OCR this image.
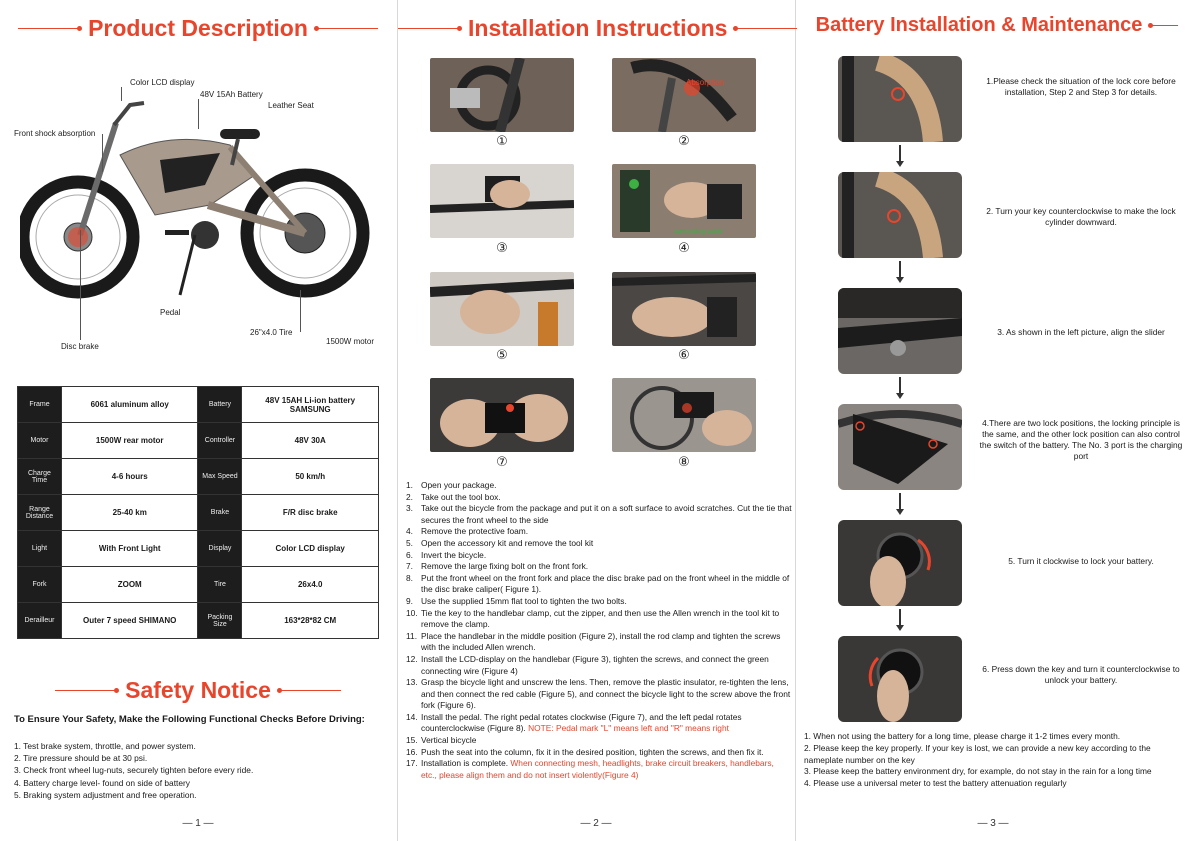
Product Description
Color LCD display
48V 15Ah Battery
Leather Seat
Front shock absorption
Pedal
26"x4.0 Tire
1500W motor
Disc brake
Frame	6061 aluminum alloy	Battery	48V 15AH Li-ion battery SAMSUNG
Motor	1500W rear motor	Controller	48V 30A
Charge Time	4-6 hours	Max Speed	50 km/h
Range Distance	25-40 km	Brake	F/R disc brake
Light	With Front Light	Display	Color LCD display
Fork	ZOOM	Tire	26x4.0
Derailleur	Outer 7 speed SHIMANO	Packing Size	163*28*82 CM
Safety Notice
To Ensure Your Safety, Make the Following Functional Checks Before Driving:
1. Test brake system, throttle, and power system.
2. Tire pressure should be at 30 psi.
3. Check front wheel lug-nuts, securely tighten before every ride.
4. Battery charge level- found on side of battery
5. Braking system adjustment and free operation.
— 1 —
Installation Instructions
Absorption
①	②
connecting cable
③	④
⑤	⑥
⑦	⑧
1. Open your package.
2. Take out the tool box.
3. Take out the bicycle from the package and put it on a soft surface to avoid scratches. Cut the tie that secures the front wheel to the side
4. Remove the protective foam.
5. Open the accessory kit and remove the tool kit
6. Invert the bicycle.
7. Remove the large fixing bolt on the front fork.
8. Put the front wheel on the front fork and place the disc brake pad on the front wheel in the middle of the disc brake caliper( Figure 1).
9. Use the supplied 15mm flat tool to tighten the two bolts.
10. Tie the key to the handlebar clamp, cut the zipper, and then use the Allen wrench in the tool kit to remove the clamp.
11. Place the handlebar in the middle position (Figure 2), install the rod clamp and tighten the screws with the included Allen wrench.
12. Install the LCD-display on the handlebar (Figure 3), tighten the screws, and connect the green connecting wire (Figure 4)
13. Grasp the bicycle light and unscrew the lens. Then, remove the plastic insulator, re-tighten the lens, and then connect the red cable (Figure 5), and connect the bicycle light to the screw above the front fork (Figure 6).
14. Install the pedal. The right pedal rotates clockwise (Figure 7), and the left pedal rotates counterclockwise (Figure 8). NOTE: Pedal mark "L" means left and "R" means right
15. Vertical bicycle
16. Push the seat into the column, fix it in the desired position, tighten the screws, and then fix it.
17. Installation is complete. When connecting mesh, headlights, brake circuit breakers, handlebars, etc., please align them and do not insert violently(Figure 4)
— 2 —
Battery Installation & Maintenance
1.Please check the situation of the lock core before installation, Step 2 and Step 3 for details.
2. Turn your key counterclockwise to make the lock cylinder downward.
3. As shown in the left picture, align the slider
4.There are two lock positions, the locking principle is the same, and the other lock position can also control the switch of the battery. The No. 3 port is the charging port
5. Turn it clockwise to lock your battery.
6. Press down the key and turn it counterclockwise to unlock your battery.
1. When not using the battery for a long time, please charge it 1-2 times every month.
2. Please keep the key properly. If your key is lost, we can provide a new key according to the nameplate number on the key
3. Please keep the battery environment dry, for example, do not stay in the rain for a long time
4. Please use a universal meter to test the battery attenuation regularly
— 3 —
